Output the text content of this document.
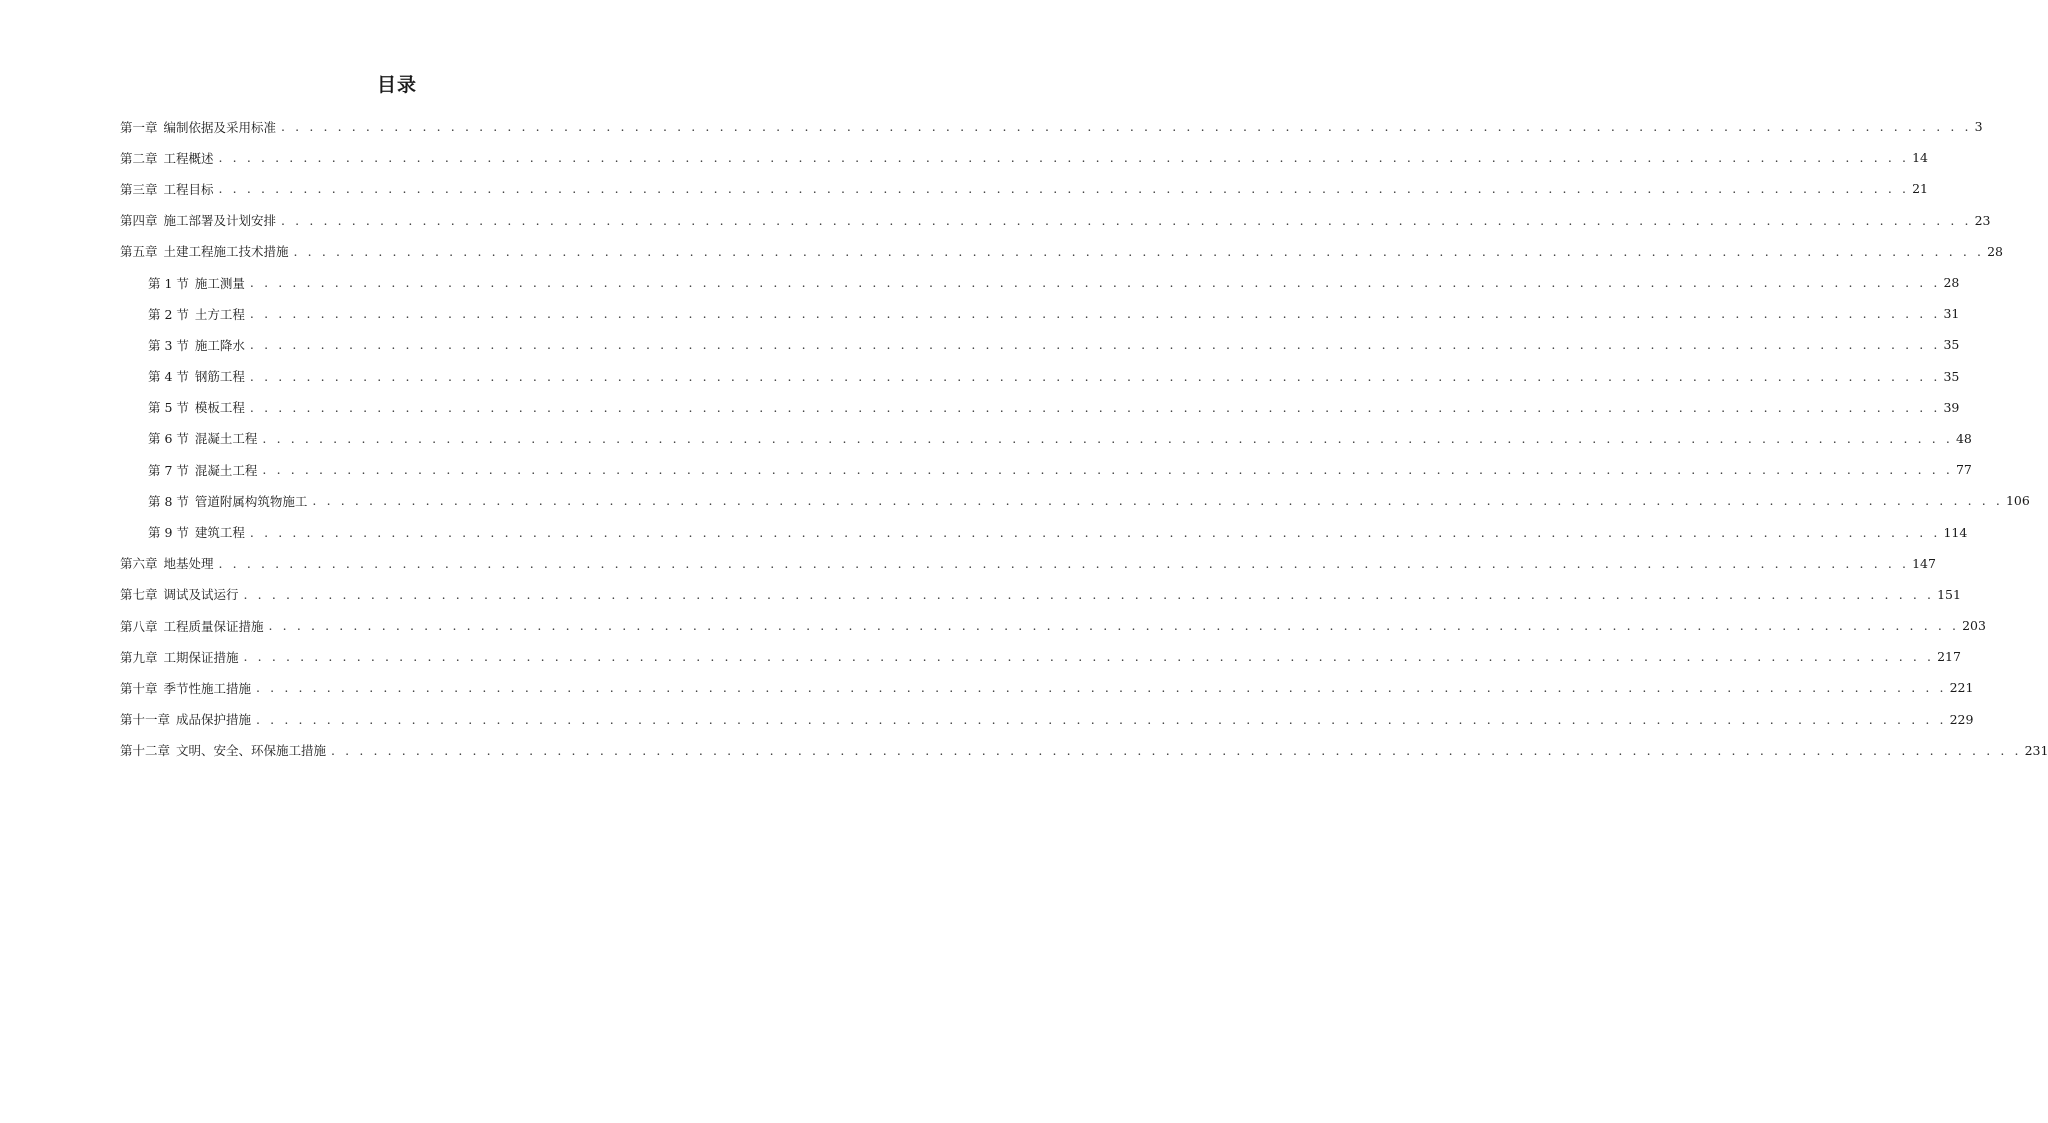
目录
第一章 编制依据及采用标准 . . . . . . . . . . . . . . . . . . . . . . . . . . . . . . . . . . . . . . . . . . . . . . . . . . . . . . . . . . . . . . . . . . . . . . . . . . . . . . . . . . . . . . . . . . . . . . . . . . . . . . . . . . . . . . . . . . . . . . . . 3
第二章 工程概述 . . . . . . . . . . . . . . . . . . . . . . . . . . . . . . . . . . . . . . . . . . . . . . . . . . . . . . . . . . . . . . . . . . . . . . . . . . . . . . . . . . . . . . . . . . . . . . . . . . . . . . . . . . . . . . . . . . . . . . . . 14
第三章 工程目标 . . . . . . . . . . . . . . . . . . . . . . . . . . . . . . . . . . . . . . . . . . . . . . . . . . . . . . . . . . . . . . . . . . . . . . . . . . . . . . . . . . . . . . . . . . . . . . . . . . . . . . . . . . . . . . . . . . . . . . . . 21
第四章 施工部署及计划安排 . . . . . . . . . . . . . . . . . . . . . . . . . . . . . . . . . . . . . . . . . . . . . . . . . . . . . . . . . . . . . . . . . . . . . . . . . . . . . . . . . . . . . . . . . . . . . . . . . . . . . . . . . . . . . . . . . . . . . . . . 23
第五章 土建工程施工技术措施 . . . . . . . . . . . . . . . . . . . . . . . . . . . . . . . . . . . . . . . . . . . . . . . . . . . . . . . . . . . . . . . . . . . . . . . . . . . . . . . . . . . . . . . . . . . . . . . . . . . . . . . . . . . . . . . . . . . . . . . . 28
第 1 节 施工测量 . . . . . . . . . . . . . . . . . . . . . . . . . . . . . . . . . . . . . . . . . . . . . . . . . . . . . . . . . . . . . . . . . . . . . . . . . . . . . . . . . . . . . . . . . . . . . . . . . . . . . . . . . . . . . . . . . . . . . . . . 28
第 2 节 土方工程 . . . . . . . . . . . . . . . . . . . . . . . . . . . . . . . . . . . . . . . . . . . . . . . . . . . . . . . . . . . . . . . . . . . . . . . . . . . . . . . . . . . . . . . . . . . . . . . . . . . . . . . . . . . . . . . . . . . . . . . . 31
第 3 节 施工降水 . . . . . . . . . . . . . . . . . . . . . . . . . . . . . . . . . . . . . . . . . . . . . . . . . . . . . . . . . . . . . . . . . . . . . . . . . . . . . . . . . . . . . . . . . . . . . . . . . . . . . . . . . . . . . . . . . . . . . . . . 35
第 4 节 钢筋工程 . . . . . . . . . . . . . . . . . . . . . . . . . . . . . . . . . . . . . . . . . . . . . . . . . . . . . . . . . . . . . . . . . . . . . . . . . . . . . . . . . . . . . . . . . . . . . . . . . . . . . . . . . . . . . . . . . . . . . . . . 35
第 5 节 模板工程 . . . . . . . . . . . . . . . . . . . . . . . . . . . . . . . . . . . . . . . . . . . . . . . . . . . . . . . . . . . . . . . . . . . . . . . . . . . . . . . . . . . . . . . . . . . . . . . . . . . . . . . . . . . . . . . . . . . . . . . . 39
第 6 节 混凝土工程 . . . . . . . . . . . . . . . . . . . . . . . . . . . . . . . . . . . . . . . . . . . . . . . . . . . . . . . . . . . . . . . . . . . . . . . . . . . . . . . . . . . . . . . . . . . . . . . . . . . . . . . . . . . . . . . . . . . . . . . . 48
第 7 节 混凝土工程 . . . . . . . . . . . . . . . . . . . . . . . . . . . . . . . . . . . . . . . . . . . . . . . . . . . . . . . . . . . . . . . . . . . . . . . . . . . . . . . . . . . . . . . . . . . . . . . . . . . . . . . . . . . . . . . . . . . . . . . . 77
第 8 节 管道附属构筑物施工 . . . . . . . . . . . . . . . . . . . . . . . . . . . . . . . . . . . . . . . . . . . . . . . . . . . . . . . . . . . . . . . . . . . . . . . . . . . . . . . . . . . . . . . . . . . . . . . . . . . . . . . . . . . . . . . . . . . . . . . . 106
第 9 节 建筑工程 . . . . . . . . . . . . . . . . . . . . . . . . . . . . . . . . . . . . . . . . . . . . . . . . . . . . . . . . . . . . . . . . . . . . . . . . . . . . . . . . . . . . . . . . . . . . . . . . . . . . . . . . . . . . . . . . . . . . . . . . 114
第六章 地基处理 . . . . . . . . . . . . . . . . . . . . . . . . . . . . . . . . . . . . . . . . . . . . . . . . . . . . . . . . . . . . . . . . . . . . . . . . . . . . . . . . . . . . . . . . . . . . . . . . . . . . . . . . . . . . . . . . . . . . . . . . 147
第七章 调试及试运行 . . . . . . . . . . . . . . . . . . . . . . . . . . . . . . . . . . . . . . . . . . . . . . . . . . . . . . . . . . . . . . . . . . . . . . . . . . . . . . . . . . . . . . . . . . . . . . . . . . . . . . . . . . . . . . . . . . . . . . . . 151
第八章 工程质量保证措施 . . . . . . . . . . . . . . . . . . . . . . . . . . . . . . . . . . . . . . . . . . . . . . . . . . . . . . . . . . . . . . . . . . . . . . . . . . . . . . . . . . . . . . . . . . . . . . . . . . . . . . . . . . . . . . . . . . . . . . . . 203
第九章 工期保证措施 . . . . . . . . . . . . . . . . . . . . . . . . . . . . . . . . . . . . . . . . . . . . . . . . . . . . . . . . . . . . . . . . . . . . . . . . . . . . . . . . . . . . . . . . . . . . . . . . . . . . . . . . . . . . . . . . . . . . . . . . 217
第十章 季节性施工措施 . . . . . . . . . . . . . . . . . . . . . . . . . . . . . . . . . . . . . . . . . . . . . . . . . . . . . . . . . . . . . . . . . . . . . . . . . . . . . . . . . . . . . . . . . . . . . . . . . . . . . . . . . . . . . . . . . . . . . . . . 221
第十一章 成品保护措施 . . . . . . . . . . . . . . . . . . . . . . . . . . . . . . . . . . . . . . . . . . . . . . . . . . . . . . . . . . . . . . . . . . . . . . . . . . . . . . . . . . . . . . . . . . . . . . . . . . . . . . . . . . . . . . . . . . . . . . . . 229
第十二章 文明、安全、环保施工措施 . . . . . . . . . . . . . . . . . . . . . . . . . . . . . . . . . . . . . . . . . . . . . . . . . . . . . . . . . . . . . . . . . . . . . . . . . . . . . . . . . . . . . . . . . . . . . . . . . . . . . . . . . . . . . . . . . . . . . . . . 231
